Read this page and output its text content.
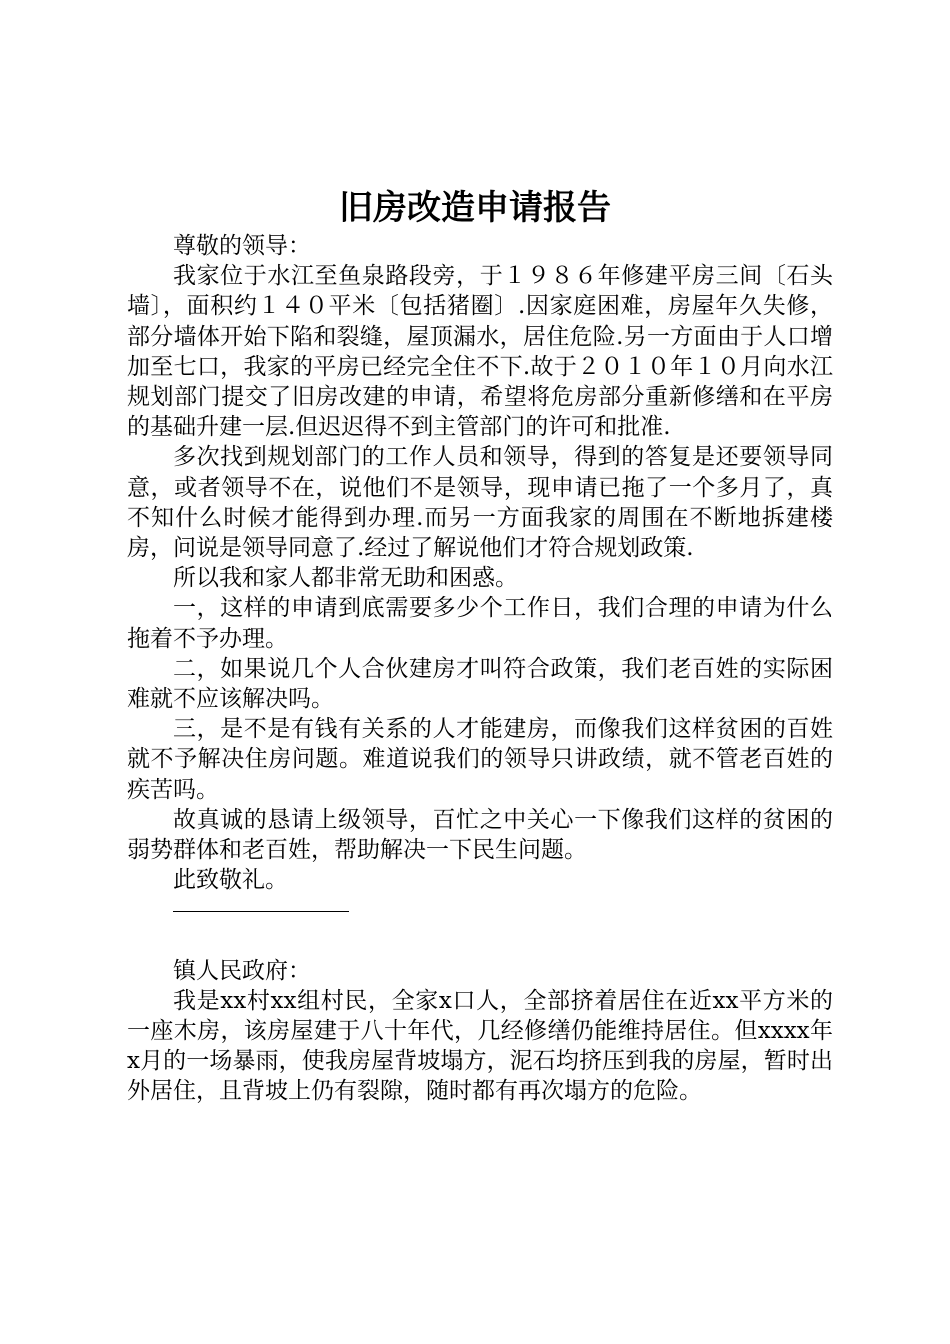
旧房改造申请报告

尊敬的领导：

我家位于水江至鱼泉路段旁，于１９８６年修建平房三间〔石头墙〕，面积约１４０平米〔包括猪圈〕.因家庭困难，房屋年久失修，部分墙体开始下陷和裂缝，屋顶漏水，居住危险.另一方面由于人口增加至七口，我家的平房已经完全住不下.故于２０１０年１０月向水江规划部门提交了旧房改建的申请，希望将危房部分重新修缮和在平房的基础升建一层.但迟迟得不到主管部门的许可和批准.

多次找到规划部门的工作人员和领导，得到的答复是还要领导同意，或者领导不在，说他们不是领导，现申请已拖了一个多月了，真不知什么时候才能得到办理.而另一方面我家的周围在不断地拆建楼房，问说是领导同意了.经过了解说他们才符合规划政策.

所以我和家人都非常无助和困惑。

一，这样的申请到底需要多少个工作日，我们合理的申请为什么拖着不予办理。

二，如果说几个人合伙建房才叫符合政策，我们老百姓的实际困难就不应该解决吗。

三，是不是有钱有关系的人才能建房，而像我们这样贫困的百姓就不予解决住房问题。难道说我们的领导只讲政绩，就不管老百姓的疾苦吗。

故真诚的恳请上级领导，百忙之中关心一下像我们这样的贫困的弱势群体和老百姓，帮助解决一下民生问题。

此致敬礼。

镇人民政府：

我是xx村xx组村民，全家x口人，全部挤着居住在近xx平方米的一座木房，该房屋建于八十年代，几经修缮仍能维持居住。但xxxx年x月的一场暴雨，使我房屋背坡塌方，泥石均挤压到我的房屋，暂时出外居住，且背坡上仍有裂隙，随时都有再次塌方的危险。
